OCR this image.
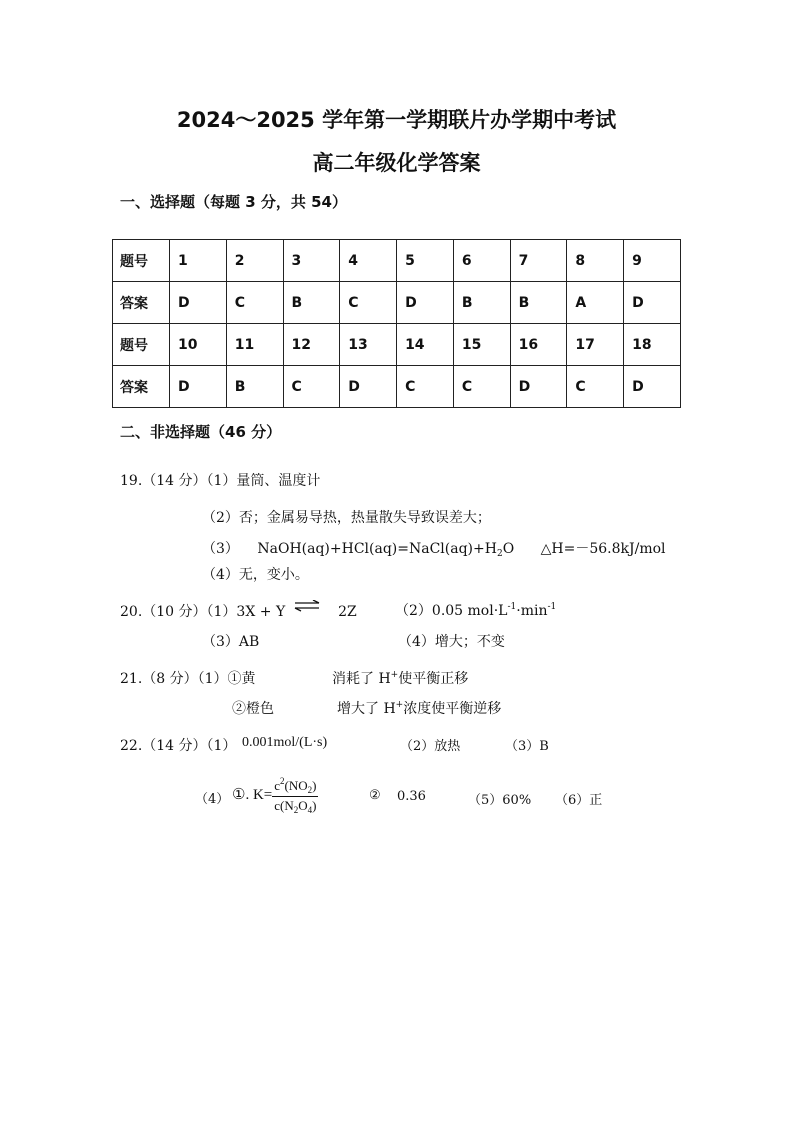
2024～2025 学年第一学期联片办学期中考试
高二年级化学答案
一、选择题（每题 3 分，共 54）
题号	1	2	3	4	5	6	7	8	9
答案	D	C	B	C	D	B	B	A	D
题号	10	11	12	13	14	15	16	17	18
答案	D	B	C	D	C	C	D	C	D
二、非选择题（46 分）
19.（14 分）（1）量筒、温度计
（2）否；金属易导热，热量散失导致误差大；
（3） $NaOH(aq)+HCl(aq)=NaCl(aq)+H_2O$ △H=－56.8kJ/mol
（4）无，变小。
20.（10 分）（1）3X + Y ⇌ 2Z	（2）0.05 $mol\cdot L^{-1}\cdot\min^{-1}$
（3）AB	（4）增大；不变
21.（8 分）（1）①黄	消耗了 H+使平衡正移
②橙色	增大了 H+浓度使平衡逆移
22.（14 分）（1） 0.001mol/(L·s)	（2）放热	（3）B
（4） ①. $K= \frac{c^2(NO_2)}{c(N_2O_4)}$	② 0.36	（5）60% （6）正
